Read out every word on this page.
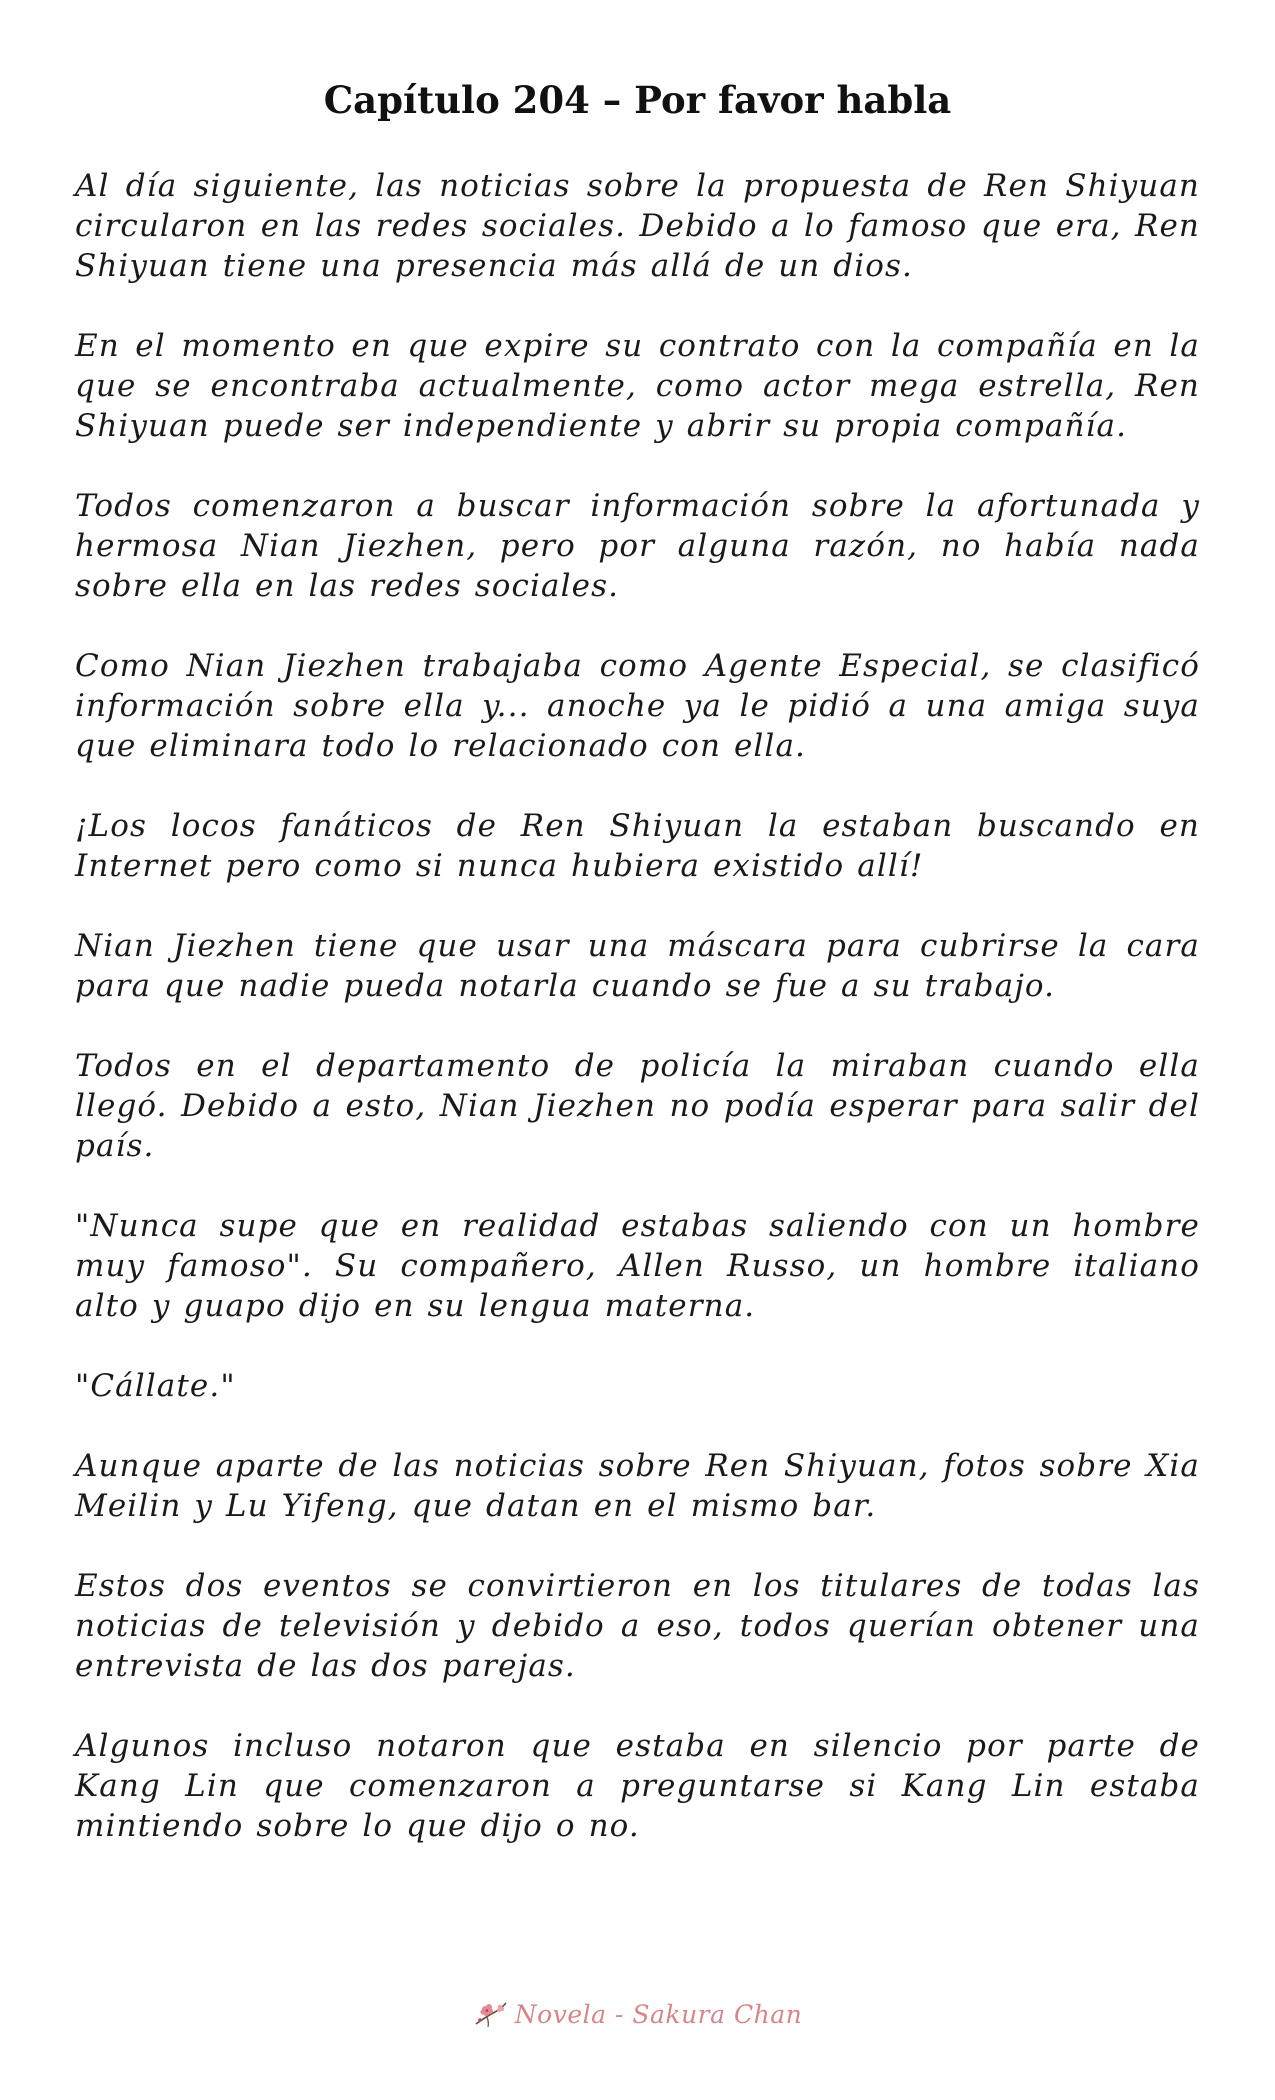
Capítulo 204 – Por favor habla

Al día siguiente, las noticias sobre la propuesta de Ren Shiyuan circularon en las redes sociales. Debido a lo famoso que era, Ren Shiyuan tiene una presencia más allá de un dios.

En el momento en que expire su contrato con la compañía en la que se encontraba actualmente, como actor mega estrella, Ren Shiyuan puede ser independiente y abrir su propia compañía.

Todos comenzaron a buscar información sobre la afortunada y hermosa Nian Jiezhen, pero por alguna razón, no había nada sobre ella en las redes sociales.

Como Nian Jiezhen trabajaba como Agente Especial, se clasificó información sobre ella y... anoche ya le pidió a una amiga suya que eliminara todo lo relacionado con ella.

¡Los locos fanáticos de Ren Shiyuan la estaban buscando en Internet pero como si nunca hubiera existido allí!

Nian Jiezhen tiene que usar una máscara para cubrirse la cara para que nadie pueda notarla cuando se fue a su trabajo.

Todos en el departamento de policía la miraban cuando ella llegó. Debido a esto, Nian Jiezhen no podía esperar para salir del país.

"Nunca supe que en realidad estabas saliendo con un hombre muy famoso". Su compañero, Allen Russo, un hombre italiano alto y guapo dijo en su lengua materna.

"Cállate."

Aunque aparte de las noticias sobre Ren Shiyuan, fotos sobre Xia Meilin y Lu Yifeng, que datan en el mismo bar.

Estos dos eventos se convirtieron en los titulares de todas las noticias de televisión y debido a eso, todos querían obtener una entrevista de las dos parejas.

Algunos incluso notaron que estaba en silencio por parte de Kang Lin que comenzaron a preguntarse si Kang Lin estaba mintiendo sobre lo que dijo o no.

Novela - Sakura Chan
